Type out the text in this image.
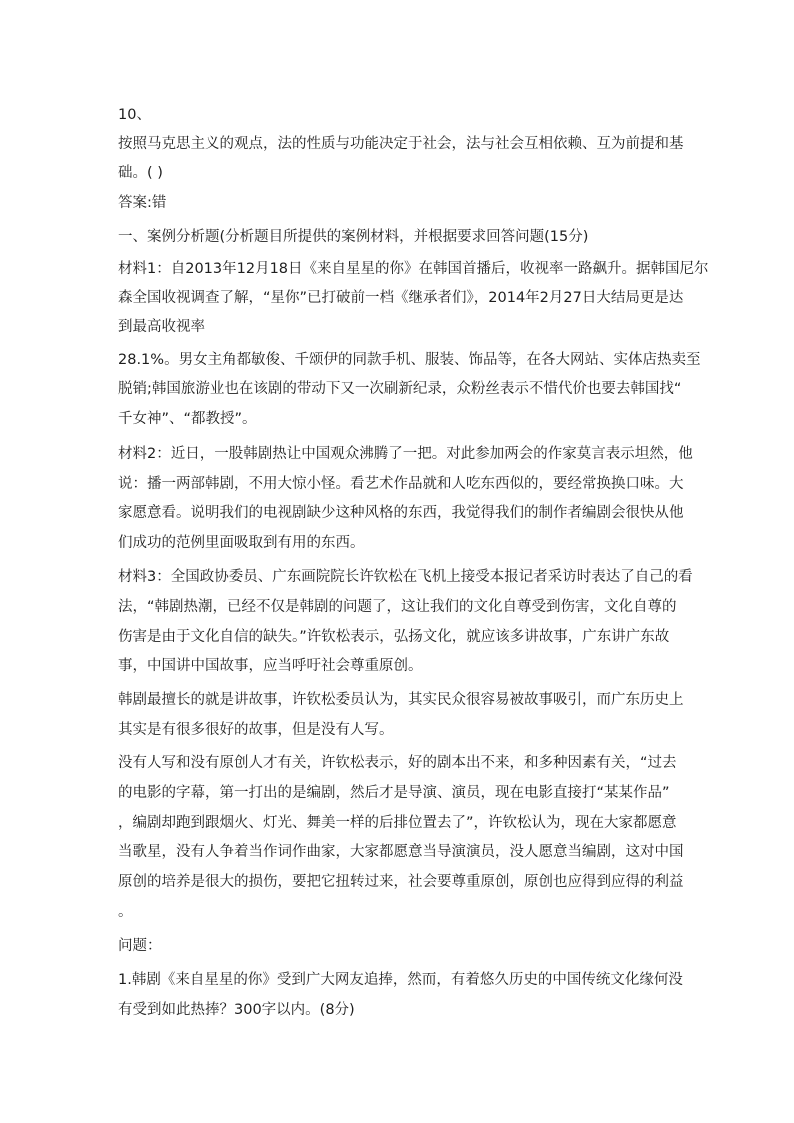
10、
按照马克思主义的观点，法的性质与功能决定于社会，法与社会互相依赖、互为前提和基
础。( )
答案:错
一、案例分析题(分析题目所提供的案例材料，并根据要求回答问题(15分)
材料1：自2013年12月18日《来自星星的你》在韩国首播后，收视率一路飙升。据韩国尼尔
森全国收视调查了解，“星你”已打破前一档《继承者们》，2014年2月27日大结局更是达
到最高收视率
28.1%。男女主角都敏俊、千颂伊的同款手机、服装、饰品等，在各大网站、实体店热卖至
脱销;韩国旅游业也在该剧的带动下又一次刷新纪录，众粉丝表示不惜代价也要去韩国找“
千女神”、“都教授”。
材料2：近日，一股韩剧热让中国观众沸腾了一把。对此参加两会的作家莫言表示坦然，他
说：播一两部韩剧，不用大惊小怪。看艺术作品就和人吃东西似的，要经常换换口味。大
家愿意看。说明我们的电视剧缺少这种风格的东西，我觉得我们的制作者编剧会很快从他
们成功的范例里面吸取到有用的东西。
材料3：全国政协委员、广东画院院长许钦松在飞机上接受本报记者采访时表达了自己的看
法，“韩剧热潮，已经不仅是韩剧的问题了，这让我们的文化自尊受到伤害，文化自尊的
伤害是由于文化自信的缺失。”许钦松表示，弘扬文化，就应该多讲故事，广东讲广东故
事，中国讲中国故事，应当呼吁社会尊重原创。
韩剧最擅长的就是讲故事，许钦松委员认为，其实民众很容易被故事吸引，而广东历史上
其实是有很多很好的故事，但是没有人写。
没有人写和没有原创人才有关，许钦松表示，好的剧本出不来，和多种因素有关，“过去
的电影的字幕，第一打出的是编剧，然后才是导演、演员，现在电影直接打“某某作品”
，编剧却跑到跟烟火、灯光、舞美一样的后排位置去了”，许钦松认为，现在大家都愿意
当歌星，没有人争着当作词作曲家，大家都愿意当导演演员，没人愿意当编剧，这对中国
原创的培养是很大的损伤，要把它扭转过来，社会要尊重原创，原创也应得到应得的利益
。
问题：
1.韩剧《来自星星的你》受到广大网友追捧，然而，有着悠久历史的中国传统文化缘何没
有受到如此热捧？300字以内。(8分)
